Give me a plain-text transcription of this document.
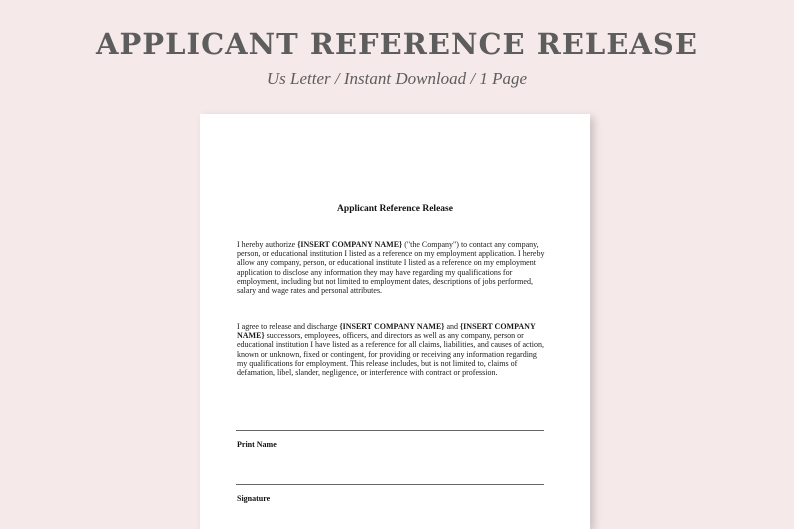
APPLICANT REFERENCE RELEASE
Us Letter / Instant Download / 1 Page
Applicant Reference Release

I hereby authorize {INSERT COMPANY NAME} ("the Company") to contact any company, person, or educational institution I listed as a reference on my employment application. I hereby allow any company, person, or educational institute I listed as a reference on my employment application to disclose any information they may have regarding my qualifications for employment, including but not limited to employment dates, descriptions of jobs performed, salary and wage rates and personal attributes.

I agree to release and discharge {INSERT COMPANY NAME} and {INSERT COMPANY NAME} successors, employees, officers, and directors as well as any company, person or educational institution I have listed as a reference for all claims, liabilities, and causes of action, known or unknown, fixed or contingent, for providing or receiving any information regarding my qualifications for employment. This release includes, but is not limited to, claims of defamation, libel, slander, negligence, or interference with contract or profession.

Print Name
Signature
